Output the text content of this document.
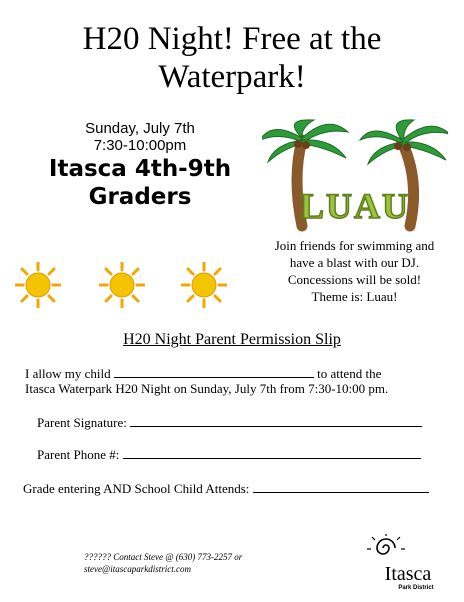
H20 Night! Free at the
Waterpark!
Sunday, July 7th
7:30-10:00pm
Itasca 4th-9th
Graders	LUAU
Join friends for swimming and
have a blast with our DJ.
Concessions will be sold!
Theme is: Luau!
H20 Night Parent Permission Slip
I allow my child	to attend the
Itasca Waterpark H20 Night on Sunday, July 7th from 7:30-10:00 pm.
Parent Signature:
Parent Phone #:
Grade entering AND School Child Attends:
?????? Contact Steve @ (630) 773-2257 or
steve@itascaparkdistrict.com	Itasca
Park District
